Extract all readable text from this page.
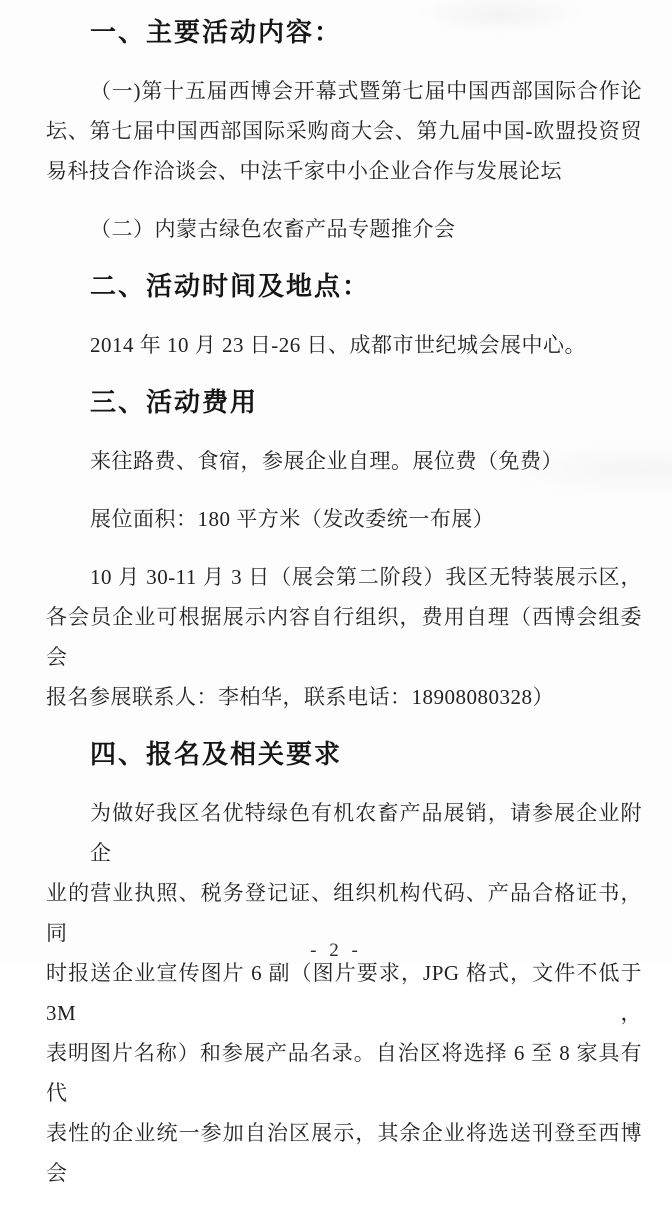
一、主要活动内容：
（一)第十五届西博会开幕式暨第七届中国西部国际合作论
坛、第七届中国西部国际采购商大会、第九届中国-欧盟投资贸
易科技合作洽谈会、中法千家中小企业合作与发展论坛
（二）内蒙古绿色农畜产品专题推介会
二、活动时间及地点：
2014 年 10 月 23 日-26 日、成都市世纪城会展中心。
三、活动费用
来往路费、食宿，参展企业自理。展位费（免费）
展位面积：180 平方米（发改委统一布展）
10 月 30-11 月 3 日（展会第二阶段）我区无特装展示区，
各会员企业可根据展示内容自行组织，费用自理（西博会组委会
报名参展联系人：李柏华，联系电话：18908080328）
四、报名及相关要求
为做好我区名优特绿色有机农畜产品展销，请参展企业附企
业的营业执照、税务登记证、组织机构代码、产品合格证书，同
时报送企业宣传图片 6 副（图片要求，JPG 格式，文件不低于 3M，
表明图片名称）和参展产品名录。自治区将选择 6 至 8 家具有代
表性的企业统一参加自治区展示，其余企业将选送刊登至西博会
- 2 -
